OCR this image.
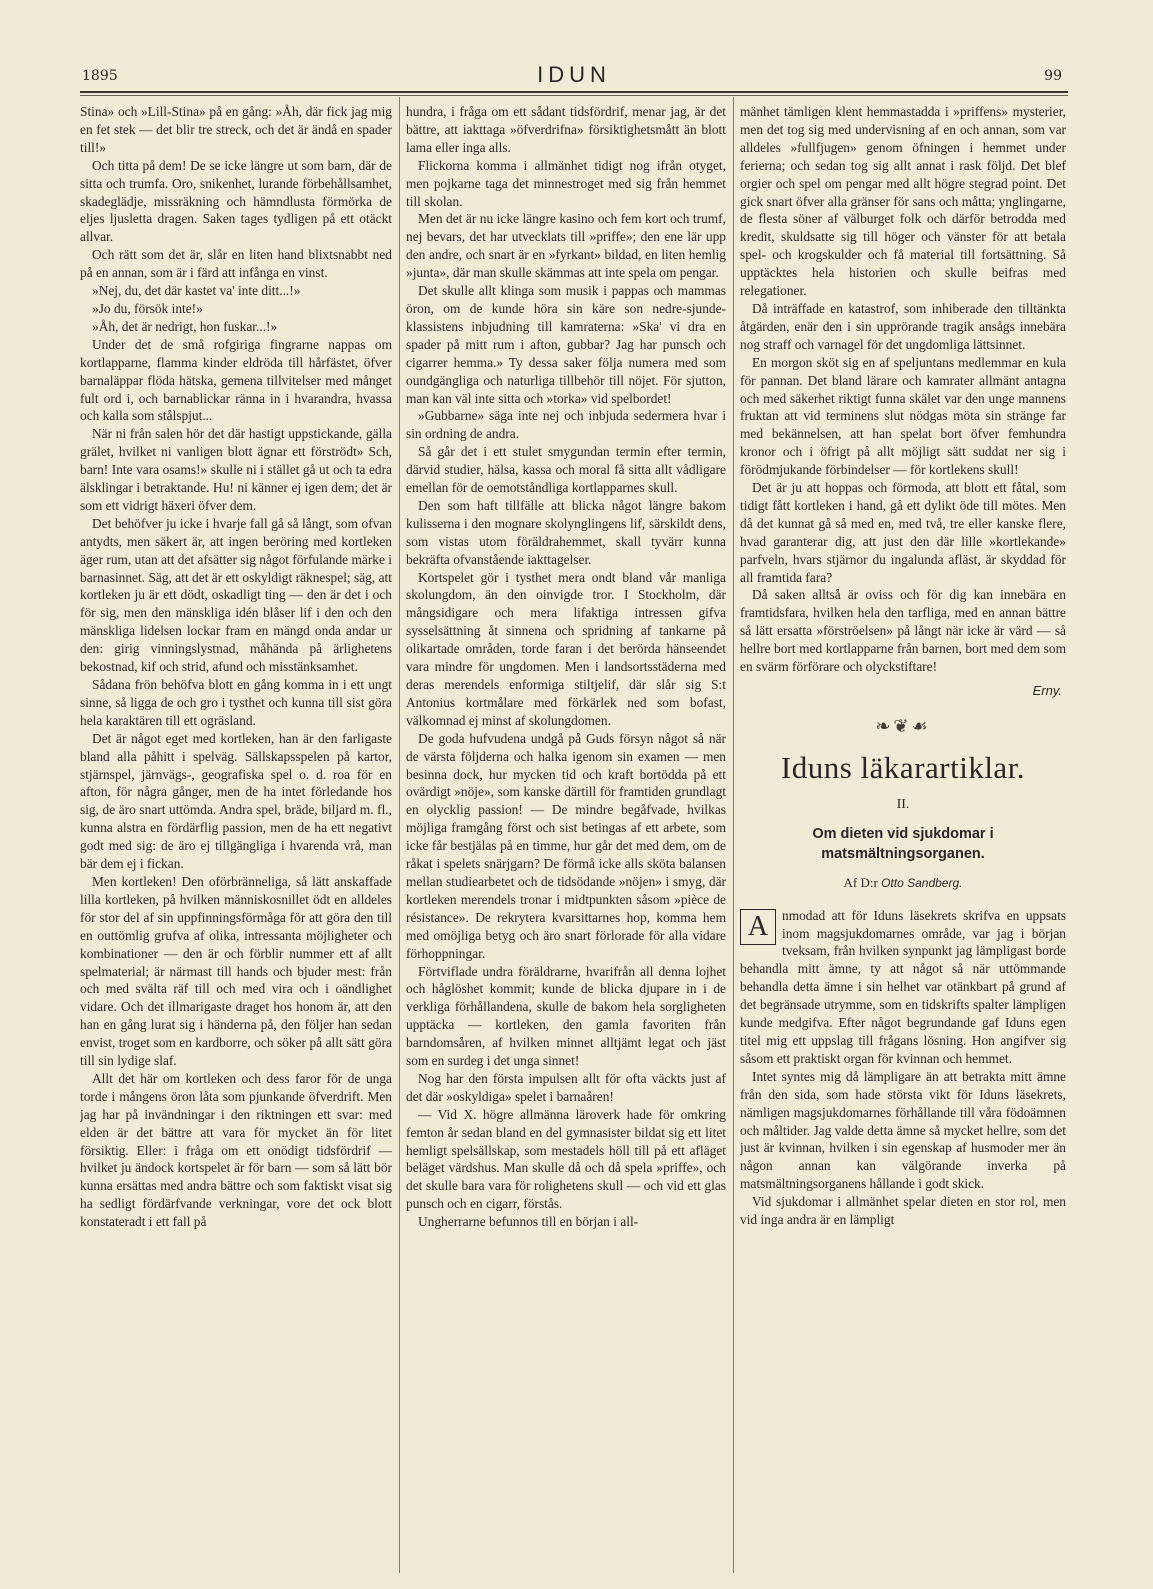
1895	IDUN	99

Stina» och »Lill-Stina» på en gång: »Åh, där fick jag mig en fet stek — det blir tre streck, och det är ändå en spader till!»

Och titta på dem! De se icke längre ut som barn, där de sitta och trumfa. Oro, snikenhet, lurande förbehållsamhet, skadeglädje, missräkning och hämndlusta förmörka de eljes ljusletta dragen. Saken tages tydligen på ett otäckt allvar.

Och rätt som det är, slår en liten hand blixtsnabbt ned på en annan, som är i färd att infånga en vinst.

»Nej, du, det där kastet va' inte ditt...!»

»Jo du, försök inte!»

»Åh, det är nedrigt, hon fuskar...!»

Under det de små rofgiriga fingrarne nappas om kortlapparne, flamma kinder eldröda till hårfästet, öfver barnaläppar flöda hätska, gemena tillvitelser med månget fult ord i, och barnablickar ränna in i hvarandra, hvassa och kalla som stålspjut...

När ni från salen hör det där hastigt uppstickande, gälla grälet, hvilket ni vanligen blott ägnar ett förströdt» Sch, barn! Inte vara osams!» skulle ni i stället gå ut och ta edra älsklingar i betraktande. Hu! ni känner ej igen dem; det är som ett vidrigt häxeri öfver dem.

Det behöfver ju icke i hvarje fall gå så långt, som ofvan antydts, men säkert är, att ingen beröring med kortleken äger rum, utan att det afsätter sig något förfulande märke i barnasinnet. Säg, att det är ett oskyldigt räknespel; säg, att kortleken ju är ett dödt, oskadligt ting — den är det i och för sig, men den mänskliga idén blåser lif i den och den mänskliga lidelsen lockar fram en mängd onda andar ur den: girig vinningslystnad, måhända på ärlighetens bekostnad, kif och strid, afund och misstänksamhet.

Sådana frön behöfva blott en gång komma in i ett ungt sinne, så ligga de och gro i tysthet och kunna till sist göra hela karaktären till ett ogräsland.

Det är något eget med kortleken, han är den farligaste bland alla påhitt i spelväg. Sällskapsspelen på kartor, stjärnspel, järnvägs-, geografiska spel o. d. roa för en afton, för några gånger, men de ha intet förledande hos sig, de äro snart uttömda. Andra spel, bräde, biljard m. fl., kunna alstra en fördärflig passion, men de ha ett negativt godt med sig: de äro ej tillgängliga i hvarenda vrå, man bär dem ej i fickan.

Men kortleken! Den oförbränneliga, så lätt anskaffade lilla kortleken, på hvilken människosnillet ödt en alldeles för stor del af sin uppfinningsförmåga för att göra den till en outtömlig grufva af olika, intressanta möjligheter och kombinationer — den är och förblir nummer ett af allt spelmaterial; är närmast till hands och bjuder mest: från och med svälta räf till och med vira och i oändlighet vidare. Och det illmarigaste draget hos honom är, att den han en gång lurat sig i händerna på, den följer han sedan envist, troget som en kardborre, och söker på allt sätt göra till sin lydige slaf.

Allt det här om kortleken och dess faror för de unga torde i mångens öron låta som pjunkande öfverdrift. Men jag har på invändningar i den riktningen ett svar: med elden är det bättre att vara för mycket än för litet försiktig. Eller: i fråga om ett onödigt tidsfördrif — hvilket ju ändock kortspelet är för barn — som så lätt bör kunna ersättas med andra bättre och som faktiskt visat sig ha sedligt fördärfvande verkningar, vore det ock blott konstateradt i ett fall på

hundra, i fråga om ett sådant tidsfördrif, menar jag, är det bättre, att iakttaga »öfverdrifna» försiktighetsmått än blott lama eller inga alls.

Flickorna komma i allmänhet tidigt nog ifrån otyget, men pojkarne taga det minnestroget med sig från hemmet till skolan.

Men det är nu icke längre kasino och fem kort och trumf, nej bevars, det har utvecklats till »priffe»; den ene lär upp den andre, och snart är en »fyrkant» bildad, en liten hemlig »junta», där man skulle skämmas att inte spela om pengar.

Det skulle allt klinga som musik i pappas och mammas öron, om de kunde höra sin käre son nedre-sjunde-klassistens inbjudning till kamraterna: »Ska' vi dra en spader på mitt rum i afton, gubbar? Jag har punsch och cigarrer hemma.» Ty dessa saker följa numera med som oundgängliga och naturliga tillbehör till nöjet. För sjutton, man kan väl inte sitta och »torka» vid spelbordet!

»Gubbarne» säga inte nej och inbjuda sedermera hvar i sin ordning de andra.

Så går det i ett stulet smygundan termin efter termin, därvid studier, hälsa, kassa och moral få sitta allt vådligare emellan för de oemotståndliga kortlapparnes skull.

Den som haft tillfälle att blicka något längre bakom kulisserna i den mognare skolynglingens lif, särskildt dens, som vistas utom föräldrahemmet, skall tyvärr kunna bekräfta ofvanstående iakttagelser.

Kortspelet gör i tysthet mera ondt bland vår manliga skolungdom, än den oinvigde tror. I Stockholm, där mångsidigare och mera lifaktiga intressen gifva sysselsättning åt sinnena och spridning af tankarne på olikartade områden, torde faran i det berörda hänseendet vara mindre för ungdomen. Men i landsortsstäderna med deras merendels enformiga stiltjelif, där slår sig S:t Antonius kortmålare med förkärlek ned som bofast, välkomnad ej minst af skolungdomen.

De goda hufvudena undgå på Guds försyn något så när de värsta följderna och halka igenom sin examen — men besinna dock, hur mycken tid och kraft bortödda på ett ovärdigt »nöje», som kanske därtill för framtiden grundlagt en olycklig passion! — De mindre begåfvade, hvilkas möjliga framgång först och sist betingas af ett arbete, som icke får bestjälas på en timme, hur går det med dem, om de råkat i spelets snärjgarn? De förmå icke alls sköta balansen mellan studiearbetet och de tidsödande »nöjen» i smyg, där kortleken merendels tronar i midtpunkten såsom »pièce de résistance». De rekrytera kvarsittarnes hop, komma hem med omöjliga betyg och äro snart förlorade för alla vidare förhoppningar.

Förtviflade undra föräldrarne, hvarifrån all denna lojhet och håglöshet kommit; kunde de blicka djupare in i de verkliga förhållandena, skulle de bakom hela sorgligheten upptäcka — kortleken, den gamla favoriten från barndomsåren, af hvilken minnet alltjämt legat och jäst som en surdeg i det unga sinnet!

Nog har den första impulsen allt för ofta väckts just af det där »oskyldiga» spelet i barnaåren!

— Vid X. högre allmänna läroverk hade för omkring femton år sedan bland en del gymnasister bildat sig ett litet hemligt spelsällskap, som mestadels höll till på ett afläget beläget värdshus. Man skulle då och då spela »priffe», och det skulle bara vara för rolighetens skull — och vid ett glas punsch och en cigarr, förstås.

Ungherrarne befunnos till en början i all-

mänhet tämligen klent hemmastadda i »priffens» mysterier, men det tog sig med undervisning af en och annan, som var alldeles »fullfjugen» genom öfningen i hemmet under ferierna; och sedan tog sig allt annat i rask följd. Det blef orgier och spel om pengar med allt högre stegrad point. Det gick snart öfver alla gränser för sans och måtta; ynglingarne, de flesta söner af välburget folk och därför betrodda med kredit, skuldsatte sig till höger och vänster för att betala spel- och krogskulder och få material till fortsättning. Så upptäcktes hela historien och skulle beifras med relegationer.

Då inträffade en katastrof, som inhiberade den tilltänkta åtgärden, enär den i sin upprörande tragik ansågs innebära nog straff och varnagel för det ungdomliga lättsinnet.

En morgon sköt sig en af speljuntans medlemmar en kula för pannan. Det bland lärare och kamrater allmänt antagna och med säkerhet riktigt funna skälet var den unge mannens fruktan att vid terminens slut nödgas möta sin stränge far med bekännelsen, att han spelat bort öfver femhundra kronor och i öfrigt på allt möjligt sätt suddat ner sig i förödmjukande förbindelser — för kortlekens skull!

Det är ju att hoppas och förmoda, att blott ett fåtal, som tidigt fått kortleken i hand, gå ett dylikt öde till mötes. Men då det kunnat gå så med en, med två, tre eller kanske flere, hvad garanterar dig, att just den där lille »kortlekande» parfveln, hvars stjärnor du ingalunda afläst, är skyddad för all framtida fara?

Då saken alltså är oviss och för dig kan innebära en framtidsfara, hvilken hela den tarfliga, med en annan bättre så lätt ersatta »förströelsen» på långt när icke är värd — så hellre bort med kortlapparne från barnen, bort med dem som en svärm förförare och olyckstiftare!

Erny.

❧❦☙
Iduns läkarartiklar.
II.
Om dieten vid sjukdomar i matsmältningsorganen.
Af D:r Otto Sandberg.

A	nmodad att för Iduns läsekrets skrifva en uppsats inom magsjukdomarnes område, var jag i början tveksam, från hvilken synpunkt jag lämpligast borde behandla mitt ämne, ty att något så när uttömmande behandla detta ämne i sin helhet var otänkbart på grund af det begränsade utrymme, som en tidskrifts spalter lämpligen kunde medgifva. Efter något begrundande gaf Iduns egen titel mig ett uppslag till frågans lösning. Hon angifver sig såsom ett praktiskt organ för kvinnan och hemmet.

Intet syntes mig då lämpligare än att betrakta mitt ämne från den sida, som hade största vikt för Iduns läsekrets, nämligen magsjukdomarnes förhållande till våra födoämnen och måltider. Jag valde detta ämne så mycket hellre, som det just är kvinnan, hvilken i sin egenskap af husmoder mer än någon annan kan välgörande inverka på matsmältningsorganens hållande i godt skick.

Vid sjukdomar i allmänhet spelar dieten en stor rol, men vid inga andra är en lämpligt
